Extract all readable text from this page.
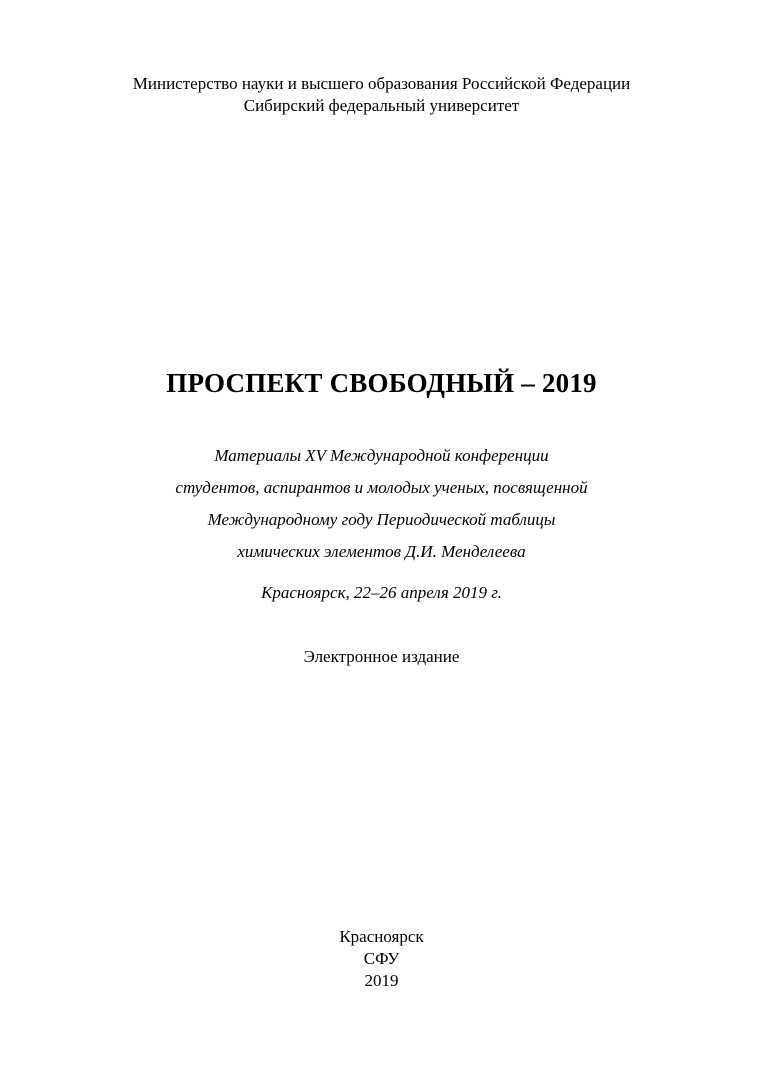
Министерство науки и высшего образования Российской Федерации
Сибирский федеральный университет
ПРОСПЕКТ СВОБОДНЫЙ – 2019
Материалы XV Международной конференции
студентов, аспирантов и молодых ученых, посвященной
Международному году Периодической таблицы
химических элементов Д.И. Менделеева
Красноярск, 22–26 апреля 2019 г.
Электронное издание
Красноярск
СФУ
2019
